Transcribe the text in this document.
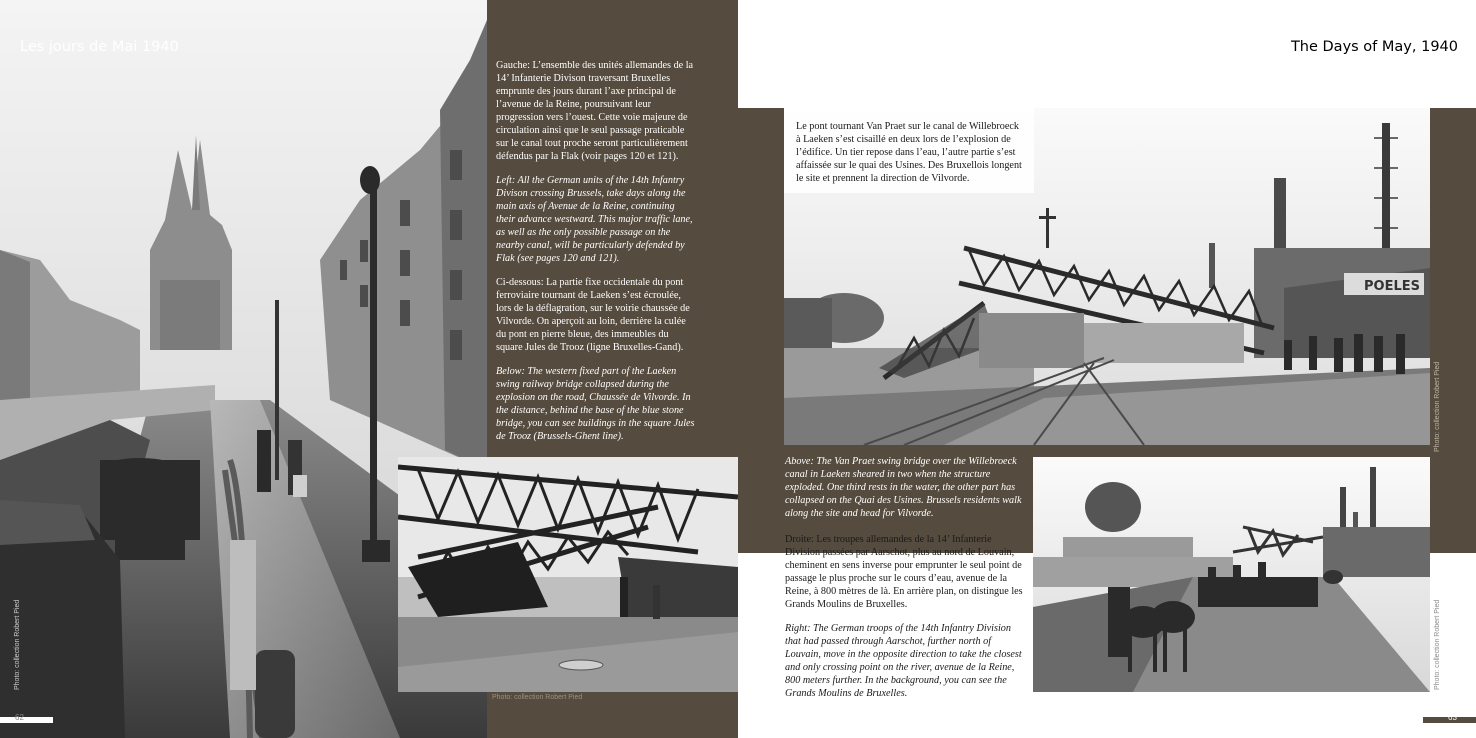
Les jours de Mai 1940

Gauche: L’ensemble des unités allemandes de la 14’ Infanterie Divison traversant Bruxelles emprunte des jours durant l’axe principal de l’avenue de la Reine, poursuivant leur progression vers l’ouest. Cette voie majeure de circulation ainsi que le seul passage praticable sur le canal tout proche seront particulièrement défendus par la Flak (voir pages 120 et 121).

Left: All the German units of the 14th Infantry Divison crossing Brussels, take days along the main axis of Avenue de la Reine, continuing their advance westward. This major traffic lane, as well as the only possible passage on the nearby canal, will be particularly defended by Flak (see pages 120 and 121).

Ci-dessous: La partie fixe occidentale du pont ferroviaire tournant de Laeken s’est écroulée, lors de la déflagration, sur le voirie chaussée de Vilvorde. On aperçoit au loin, derrière la culée du pont en pierre bleue, des immeubles du square Jules de Trooz (ligne Bruxelles-Gand).

Below: The western fixed part of the Laeken swing railway bridge collapsed during the explosion on the road, Chaussée de Vilvorde. In the distance, behind the base of the blue stone bridge, you can see buildings in the square Jules de Trooz (Brussels-Ghent line).

Photo: collection Robert Pied
Photo: collection Robert Pied
62
The Days of May, 1940
POELES
Le pont tournant Van Praet sur le canal de Willebroeck à Laeken s’est cisaillé en deux lors de l’explosion de l’édifice. Un tier repose dans l’eau, l’autre partie s’est affaissée sur le quai des Usines. Des Bruxellois longent le site et prennent la direction de Vilvorde.
Photo: collection Robert Pied

Above: The Van Praet swing bridge over the Willebroeck canal in Laeken sheared in two when the structure exploded. One third rests in the water, the other part has collapsed on the Quai des Usines. Brussels residents walk along the site and head for Vilvorde.

Photo: collection Robert Pied

Droite: Les troupes allemandes de la 14’ Infanterie Division passées par Aarschot, plus au nord de Louvain, cheminent en sens inverse pour emprunter le seul point de passage le plus proche sur le cours d’eau, avenue de la Reine, à 800 mètres de là. En arrière plan, on distingue les Grands Moulins de Bruxelles.

Right: The German troops of the 14th Infantry Division that had passed through Aarschot, further north of Louvain, move in the opposite direction to take the closest and only crossing point on the river, avenue de la Reine, 800 meters further. In the background, you can see the Grands Moulins de Bruxelles.

63
